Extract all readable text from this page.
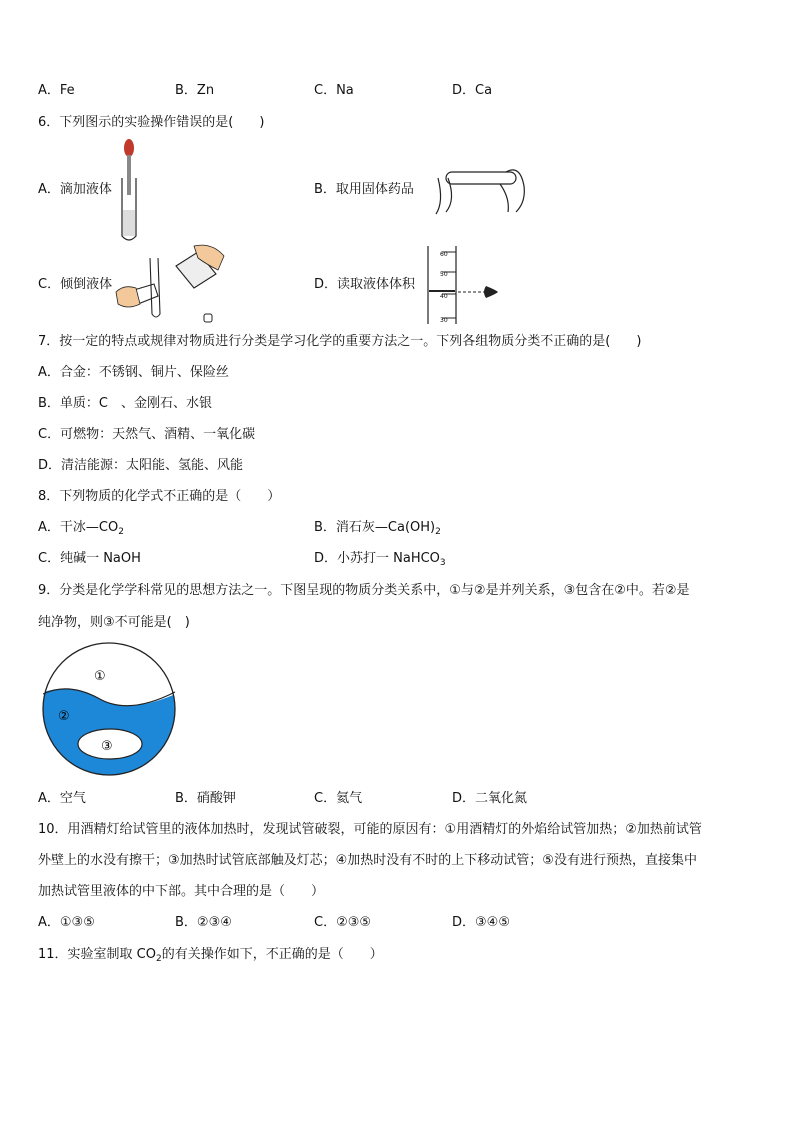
A．Fe	B．Zn	C．Na	D．Ca
6．下列图示的实验操作错误的是(　　)
A．滴加液体	B．取用固体药品
C．倾倒液体	D．读取液体体积
60
50
40
30
7．按一定的特点或规律对物质进行分类是学习化学的重要方法之一。下列各组物质分类不正确的是(　　)
A．合金：不锈钢、铜片、保险丝
B．单质：C　、金刚石、水银
C．可燃物：天然气、酒精、一氧化碳
D．清洁能源：太阳能、氢能、风能
8．下列物质的化学式不正确的是（　　）
A．干冰$—CO_2$	B．消石灰$—Ca(OH)_2$
C．纯碱一 NaOH	D．小苏打一 NaHCO$_3$
9．分类是化学学科常见的思想方法之一。下图呈现的物质分类关系中，①与②是并列关系，③包含在②中。若②是
纯净物，则③不可能是(　)
①
②
③
A．空气	B．硝酸钾	C．氦气	D．二氧化氮
10．用酒精灯给试管里的液体加热时，发现试管破裂，可能的原因有：①用酒精灯的外焰给试管加热；②加热前试管
外壁上的水没有擦干；③加热时试管底部触及灯芯；④加热时没有不时的上下移动试管；⑤没有进行预热，直接集中
加热试管里液体的中下部。其中合理的是（　　）
A．①③⑤	B．②③④	C．②③⑤	D．③④⑤
11．实验室制取 $CO_2$的有关操作如下，不正确的是（　　）
